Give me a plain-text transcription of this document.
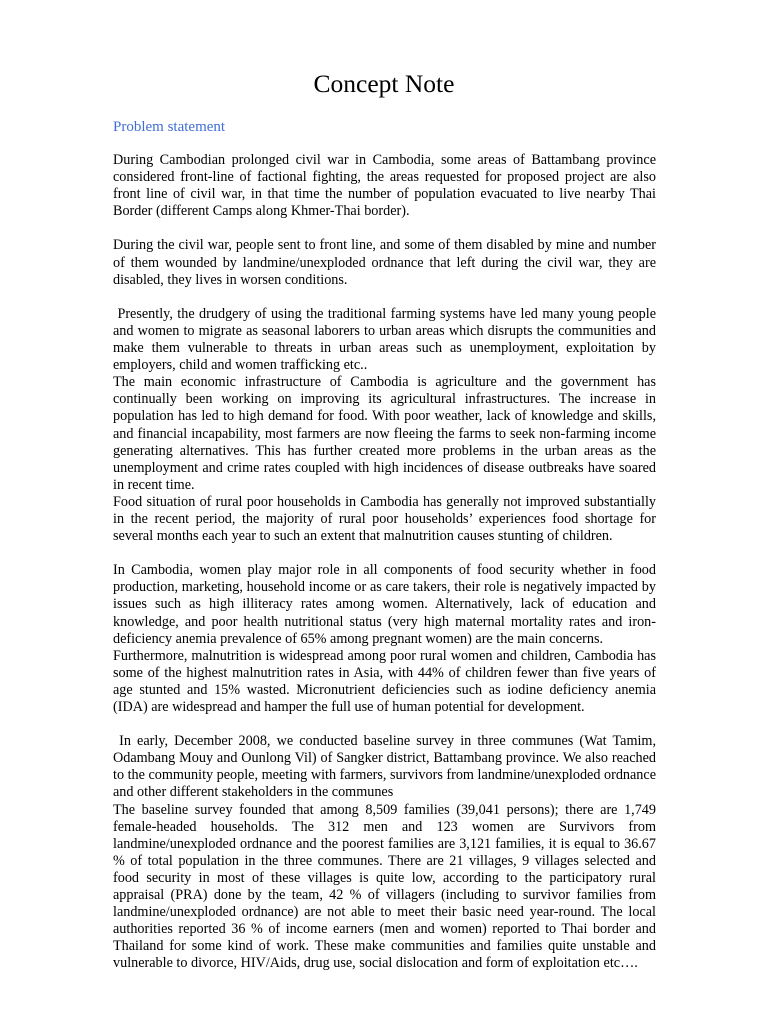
Concept Note
Problem statement

During Cambodian prolonged civil war in Cambodia, some areas of Battambang province considered front-line of factional fighting, the areas requested for proposed project are also front line of civil war, in that time the number of population evacuated to live nearby Thai Border (different Camps along Khmer-Thai border).

During the civil war, people sent to front line, and some of them disabled by mine and number of them wounded by landmine/unexploded ordnance that left during the civil war, they are disabled, they lives in worsen conditions.

Presently, the drudgery of using the traditional farming systems have led many young people and women to migrate as seasonal laborers to urban areas which disrupts the communities and make them vulnerable to threats in urban areas such as unemployment, exploitation by employers, child and women trafficking etc..

The main economic infrastructure of Cambodia is agriculture and the government has continually been working on improving its agricultural infrastructures. The increase in population has led to high demand for food. With poor weather, lack of knowledge and skills, and financial incapability, most farmers are now fleeing the farms to seek non-farming income generating alternatives. This has further created more problems in the urban areas as the unemployment and crime rates coupled with high incidences of disease outbreaks have soared in recent time.

Food situation of rural poor households in Cambodia has generally not improved substantially in the recent period, the majority of rural poor households’ experiences food shortage for several months each year to such an extent that malnutrition causes stunting of children.

In Cambodia, women play major role in all components of food security whether in food production, marketing, household income or as care takers, their role is negatively impacted by issues such as high illiteracy rates among women. Alternatively, lack of education and knowledge, and poor health nutritional status (very high maternal mortality rates and iron-deficiency anemia prevalence of 65% among pregnant women) are the main concerns.

Furthermore, malnutrition is widespread among poor rural women and children, Cambodia has some of the highest malnutrition rates in Asia, with 44% of children fewer than five years of age stunted and 15% wasted. Micronutrient deficiencies such as iodine deficiency anemia (IDA) are widespread and hamper the full use of human potential for development.

In early, December 2008, we conducted baseline survey in three communes (Wat Tamim, Odambang Mouy and Ounlong Vil) of Sangker district, Battambang province. We also reached to the community people, meeting with farmers, survivors from landmine/unexploded ordnance and other different stakeholders in the communes

The baseline survey founded that among 8,509 families (39,041 persons); there are 1,749 female-headed households. The 312 men and 123 women are Survivors from landmine/unexploded ordnance and the poorest families are 3,121 families, it is equal to 36.67 % of total population in the three communes. There are 21 villages, 9 villages selected and food security in most of these villages is quite low, according to the participatory rural appraisal (PRA) done by the team, 42 % of villagers (including to survivor families from landmine/unexploded ordnance) are not able to meet their basic need year-round. The local authorities reported 36 % of income earners (men and women) reported to Thai border and Thailand for some kind of work. These make communities and families quite unstable and vulnerable to divorce, HIV/Aids, drug use, social dislocation and form of exploitation etc….
